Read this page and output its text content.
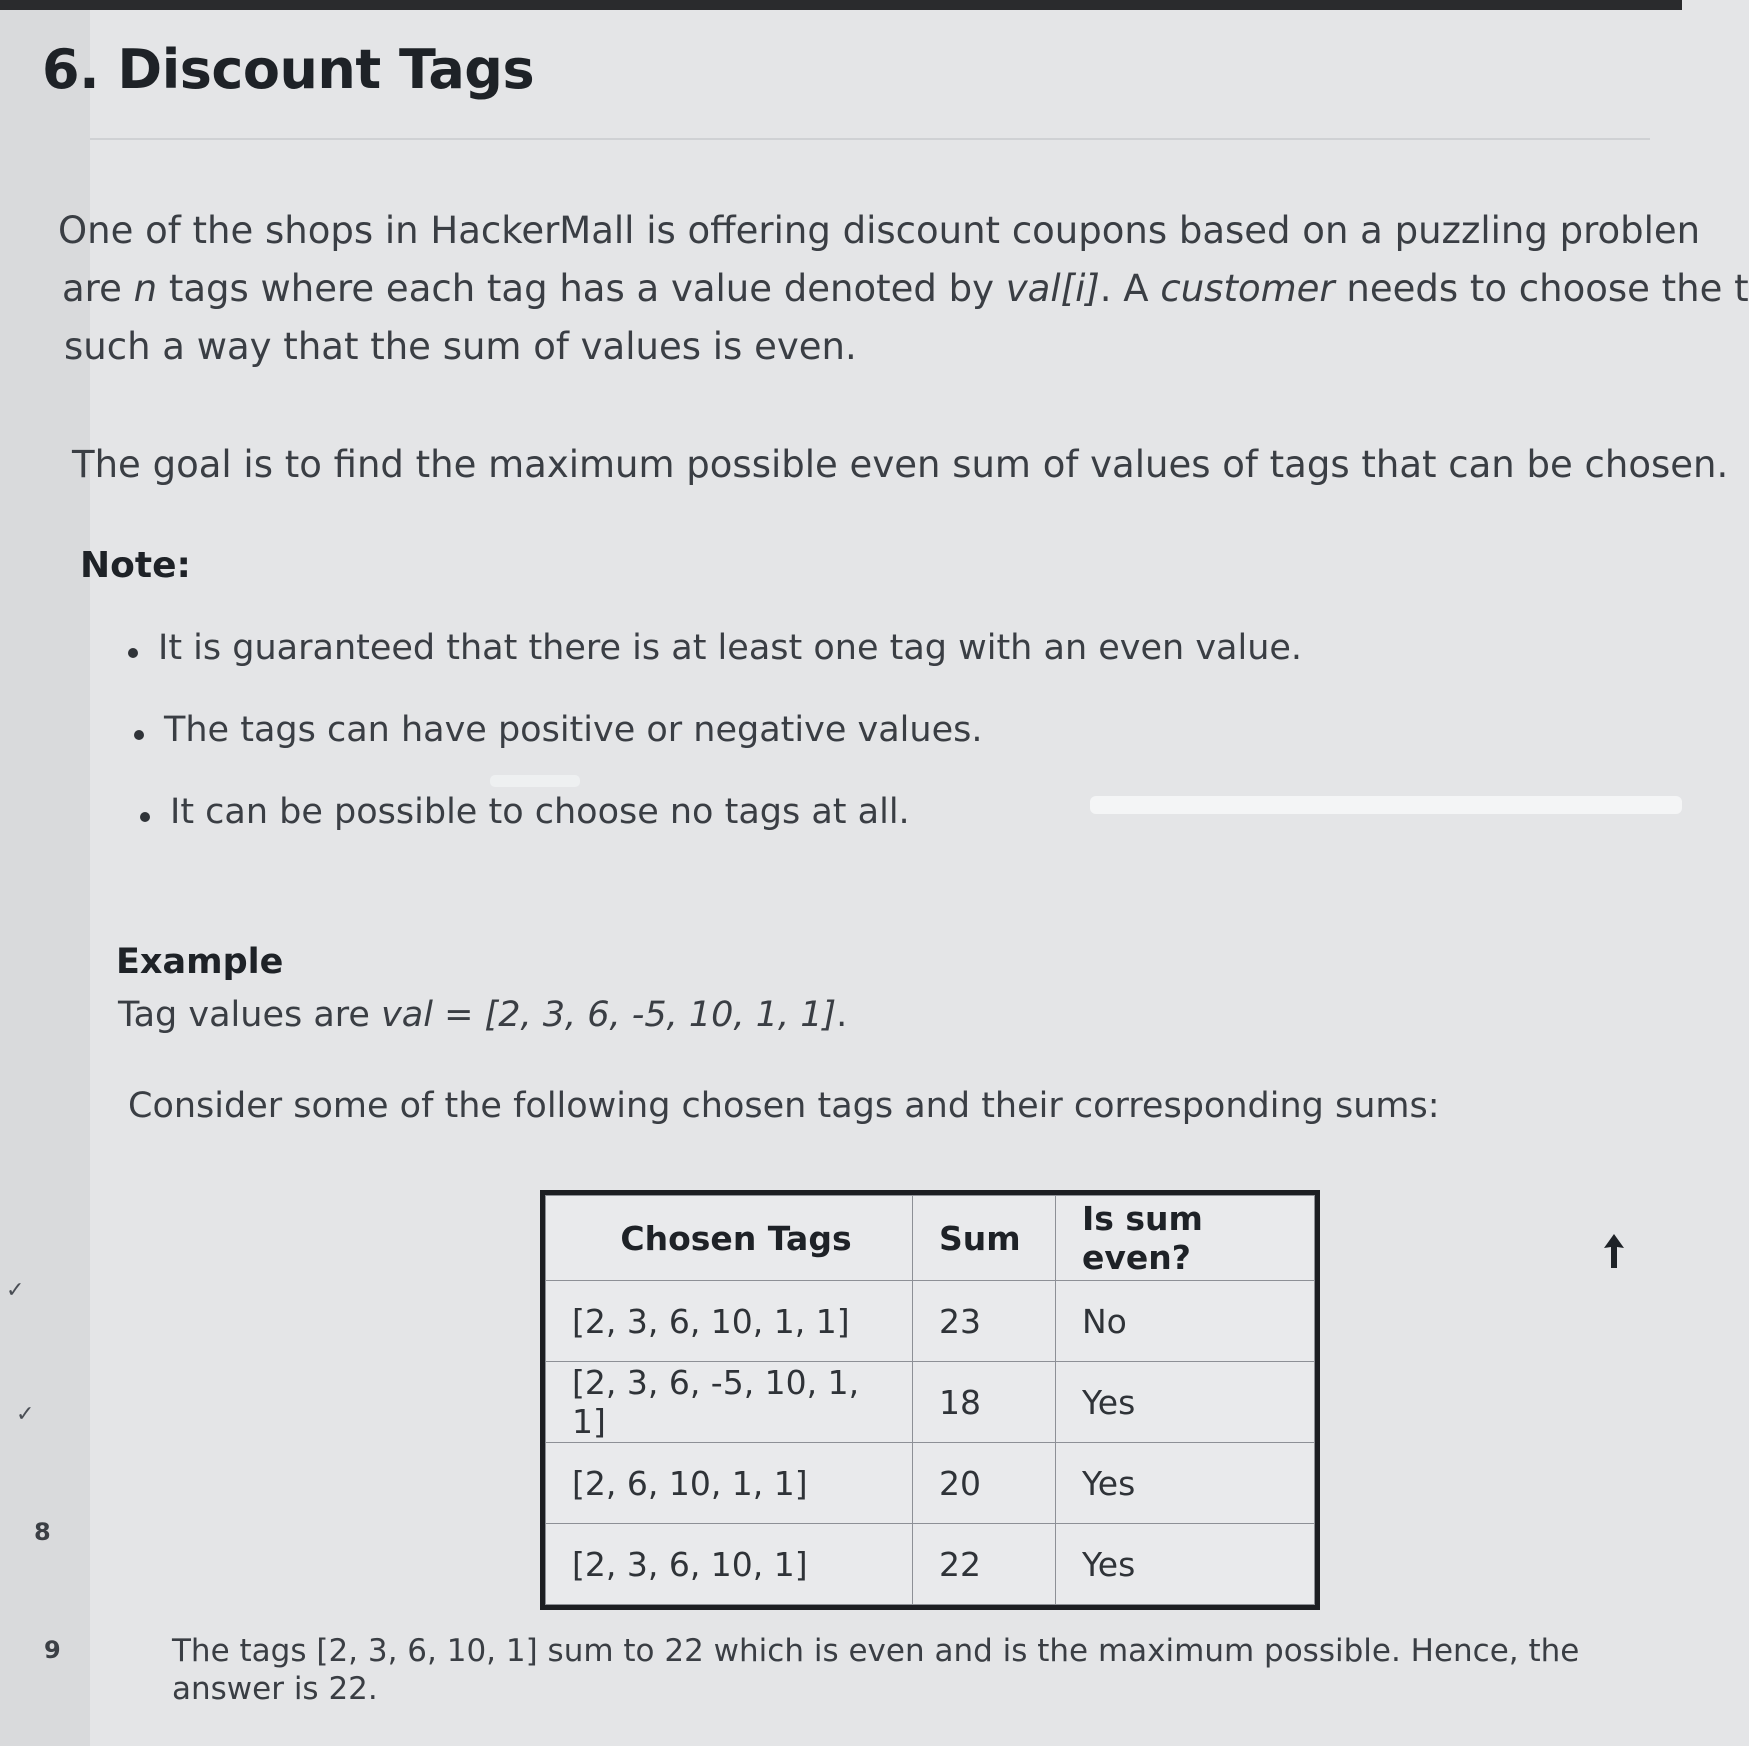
✓
✓
8
9
6. Discount Tags
One of the shops in HackerMall is offering discount coupons based on a puzzling problen
are n tags where each tag has a value denoted by val[i]. A customer needs to choose the t
such a way that the sum of values is even.
The goal is to find the maximum possible even sum of values of tags that can be chosen.
Note:
It is guaranteed that there is at least one tag with an even value.
The tags can have positive or negative values.
It can be possible to choose no tags at all.
Example
Tag values are val = [2, 3, 6, -5, 10, 1, 1].
Consider some of the following chosen tags and their corresponding sums:
Chosen Tags	Sum	Is sum even?
[2, 3, 6, 10, 1, 1]	23	No
[2, 3, 6, -5, 10, 1, 1]	18	Yes
[2, 6, 10, 1, 1]	20	Yes
[2, 3, 6, 10, 1]	22	Yes
The tags [2, 3, 6, 10, 1] sum to 22 which is even and is the maximum possible. Hence, the answer is 22.
